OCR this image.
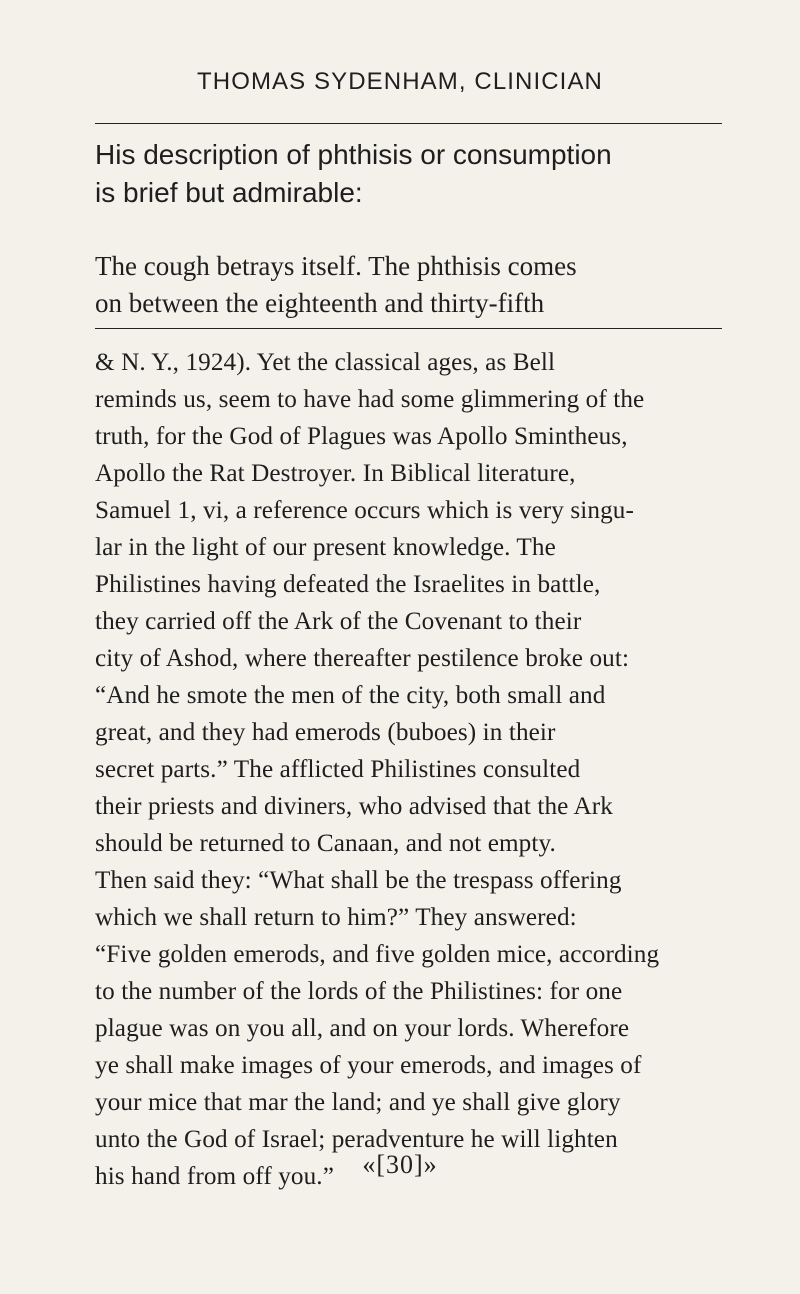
THOMAS SYDENHAM, CLINICIAN
His description of phthisis or consumption
is brief but admirable:
The cough betrays itself. The phthisis comes
on between the eighteenth and thirty-fifth
& N. Y., 1924). Yet the classical ages, as Bell
reminds us, seem to have had some glimmering of the
truth, for the God of Plagues was Apollo Smintheus,
Apollo the Rat Destroyer. In Biblical literature,
Samuel 1, vi, a reference occurs which is very singu-
lar in the light of our present knowledge. The
Philistines having defeated the Israelites in battle,
they carried off the Ark of the Covenant to their
city of Ashod, where thereafter pestilence broke out:
“And he smote the men of the city, both small and
great, and they had emerods (buboes) in their
secret parts.” The afflicted Philistines consulted
their priests and diviners, who advised that the Ark
should be returned to Canaan, and not empty.
Then said they: “What shall be the trespass offering
which we shall return to him?” They answered:
“Five golden emerods, and five golden mice, according
to the number of the lords of the Philistines: for one
plague was on you all, and on your lords. Wherefore
ye shall make images of your emerods, and images of
your mice that mar the land; and ye shall give glory
unto the God of Israel; peradventure he will lighten
his hand from off you.”	«[30]»
